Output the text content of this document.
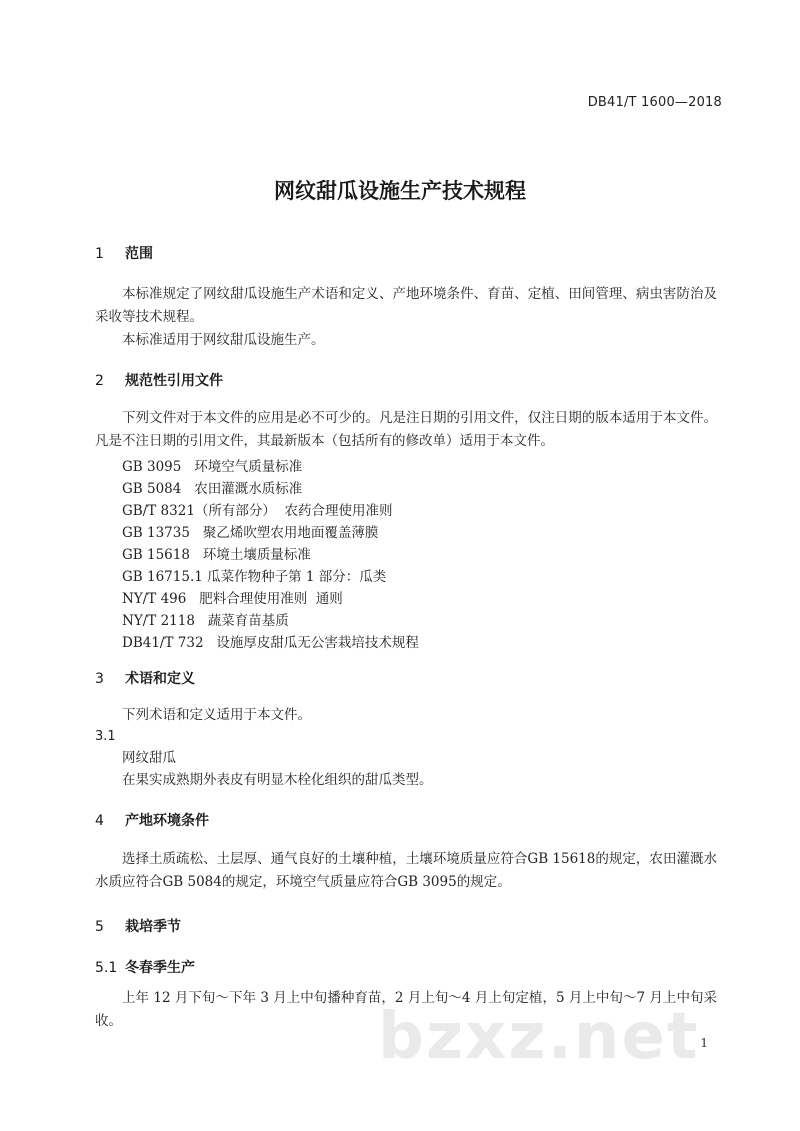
DB41/T 1600—2018
网纹甜瓜设施生产技术规程
1 范围
本标准规定了网纹甜瓜设施生产术语和定义、产地环境条件、育苗、定植、田间管理、病虫害防治及采收等技术规程。
本标准适用于网纹甜瓜设施生产。
2 规范性引用文件
下列文件对于本文件的应用是必不可少的。凡是注日期的引用文件，仅注日期的版本适用于本文件。凡是不注日期的引用文件，其最新版本（包括所有的修改单）适用于本文件。
GB 3095   环境空气质量标准
GB 5084   农田灌溉水质标准
GB/T 8321（所有部分）  农药合理使用准则
GB 13735   聚乙烯吹塑农用地面覆盖薄膜
GB 15618   环境土壤质量标准
GB 16715.1 瓜菜作物种子第 1 部分：瓜类
NY/T 496   肥料合理使用准则  通则
NY/T 2118   蔬菜育苗基质
DB41/T 732   设施厚皮甜瓜无公害栽培技术规程
3 术语和定义
下列术语和定义适用于本文件。
3.1
网纹甜瓜
在果实成熟期外表皮有明显木栓化组织的甜瓜类型。
4 产地环境条件
选择土质疏松、土层厚、通气良好的土壤种植，土壤环境质量应符合GB 15618的规定，农田灌溉水水质应符合GB 5084的规定，环境空气质量应符合GB 3095的规定。
5 栽培季节
5.1 冬春季生产
上年 12 月下旬～下年 3 月上中旬播种育苗，2 月上旬～4 月上旬定植，5 月上中旬～7 月上中旬采收。	bzxz.net 1
